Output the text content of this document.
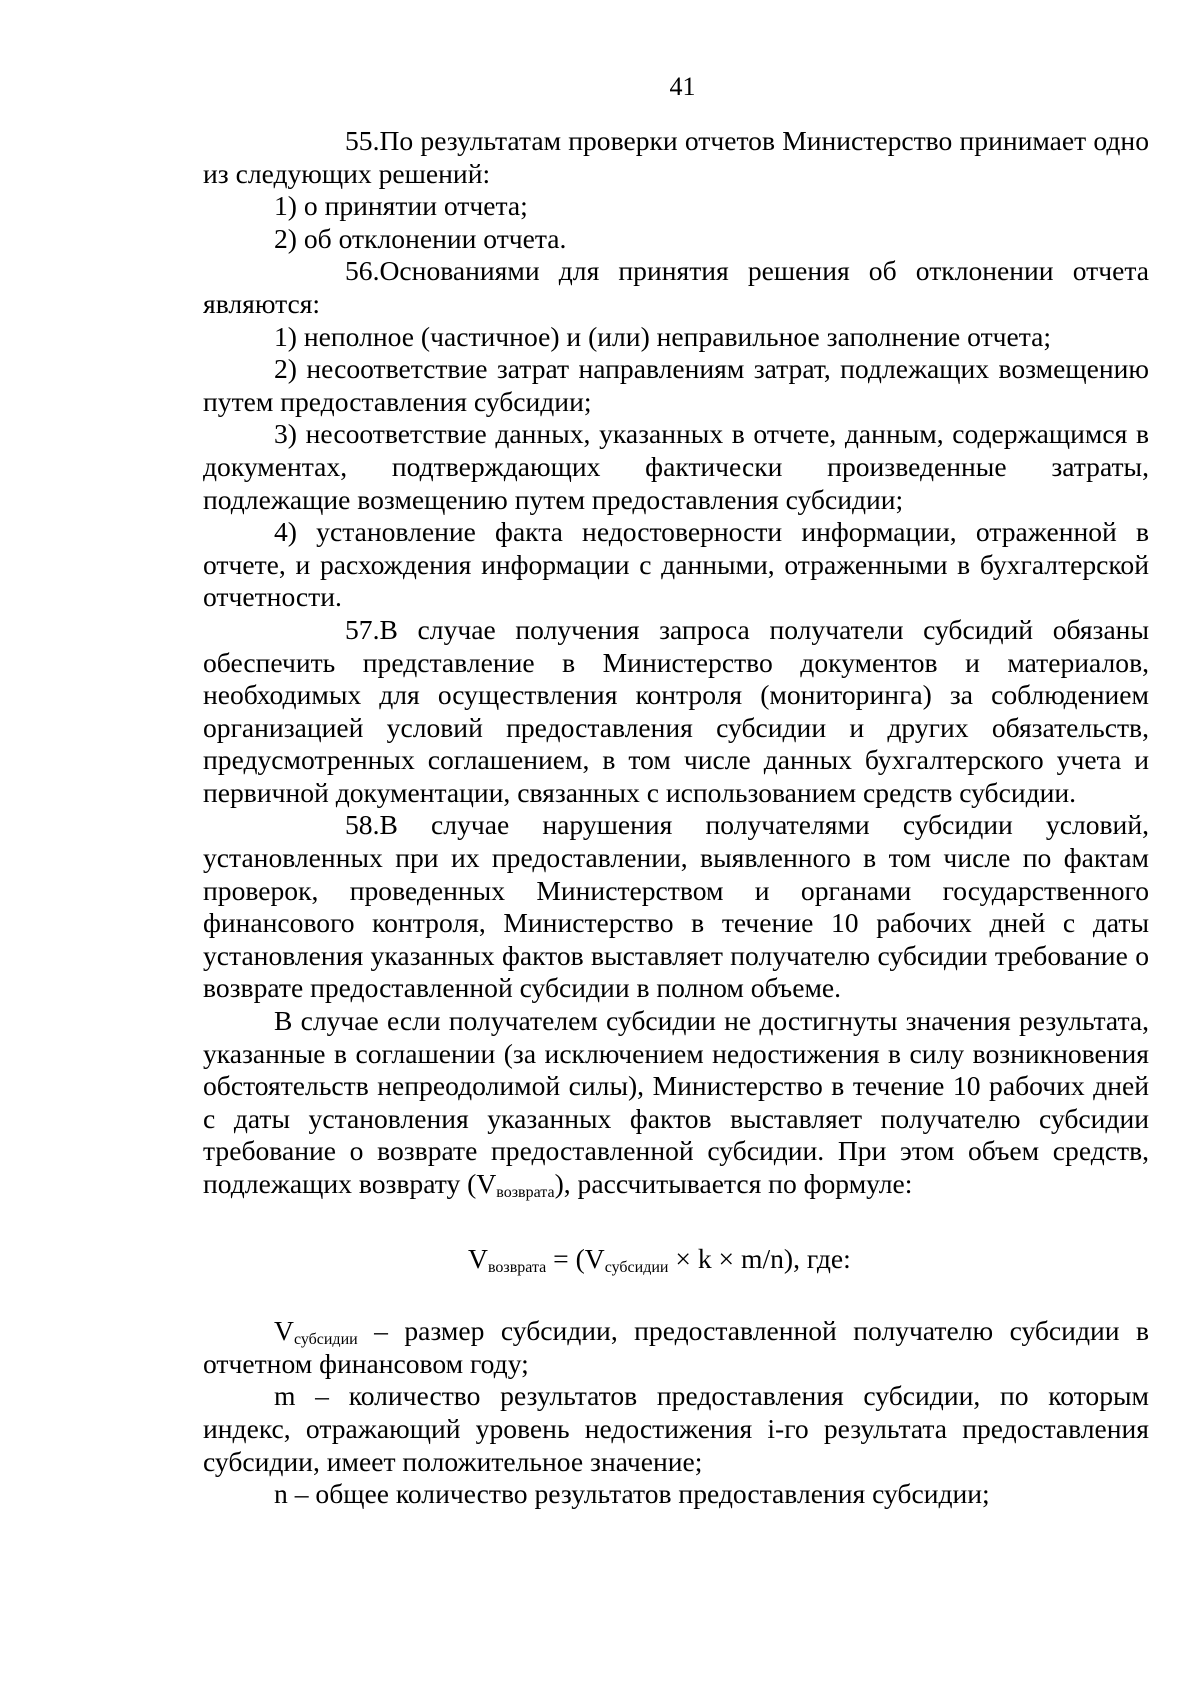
41

55.По результатам проверки отчетов Министерство принимает одно из следующих решений:

1) о принятии отчета;

2) об отклонении отчета.

56.Основаниями для принятия решения об отклонении отчета являются:

1) неполное (частичное) и (или) неправильное заполнение отчета;

2) несоответствие затрат направлениям затрат, подлежащих возмещению путем предоставления субсидии;

3) несоответствие данных, указанных в отчете, данным, содержащимся в документах, подтверждающих фактически произведенные затраты, подлежащие возмещению путем предоставления субсидии;

4) установление факта недостоверности информации, отраженной в отчете, и расхождения информации с данными, отраженными в бухгалтерской отчетности.

57.В случае получения запроса получатели субсидий обязаны обеспечить представление в Министерство документов и материалов, необходимых для осуществления контроля (мониторинга) за соблюдением организацией условий предоставления субсидии и других обязательств, предусмотренных соглашением, в том числе данных бухгалтерского учета и первичной документации, связанных с использованием средств субсидии.

58.В случае нарушения получателями субсидии условий, установленных при их предоставлении, выявленного в том числе по фактам проверок, проведенных Министерством и органами государственного финансового контроля, Министерство в течение 10 рабочих дней с даты установления указанных фактов выставляет получателю субсидии требование о возврате предоставленной субсидии в полном объеме.

В случае если получателем субсидии не достигнуты значения результата, указанные в соглашении (за исключением недостижения в силу возникновения обстоятельств непреодолимой силы), Министерство в течение 10 рабочих дней с даты установления указанных фактов выставляет получателю субсидии требование о возврате предоставленной субсидии. При этом объем средств, подлежащих возврату $(V_{возврата})$, рассчитывается по формуле:

$V_{возврата} = (V_{субсидии} \times k \times m/n)$, где:

$V_{субсидии}$ – размер субсидии, предоставленной получателю субсидии в отчетном финансовом году;

m – количество результатов предоставления субсидии, по которым индекс, отражающий уровень недостижения i-го результата предоставления субсидии, имеет положительное значение;

n – общее количество результатов предоставления субсидии;
